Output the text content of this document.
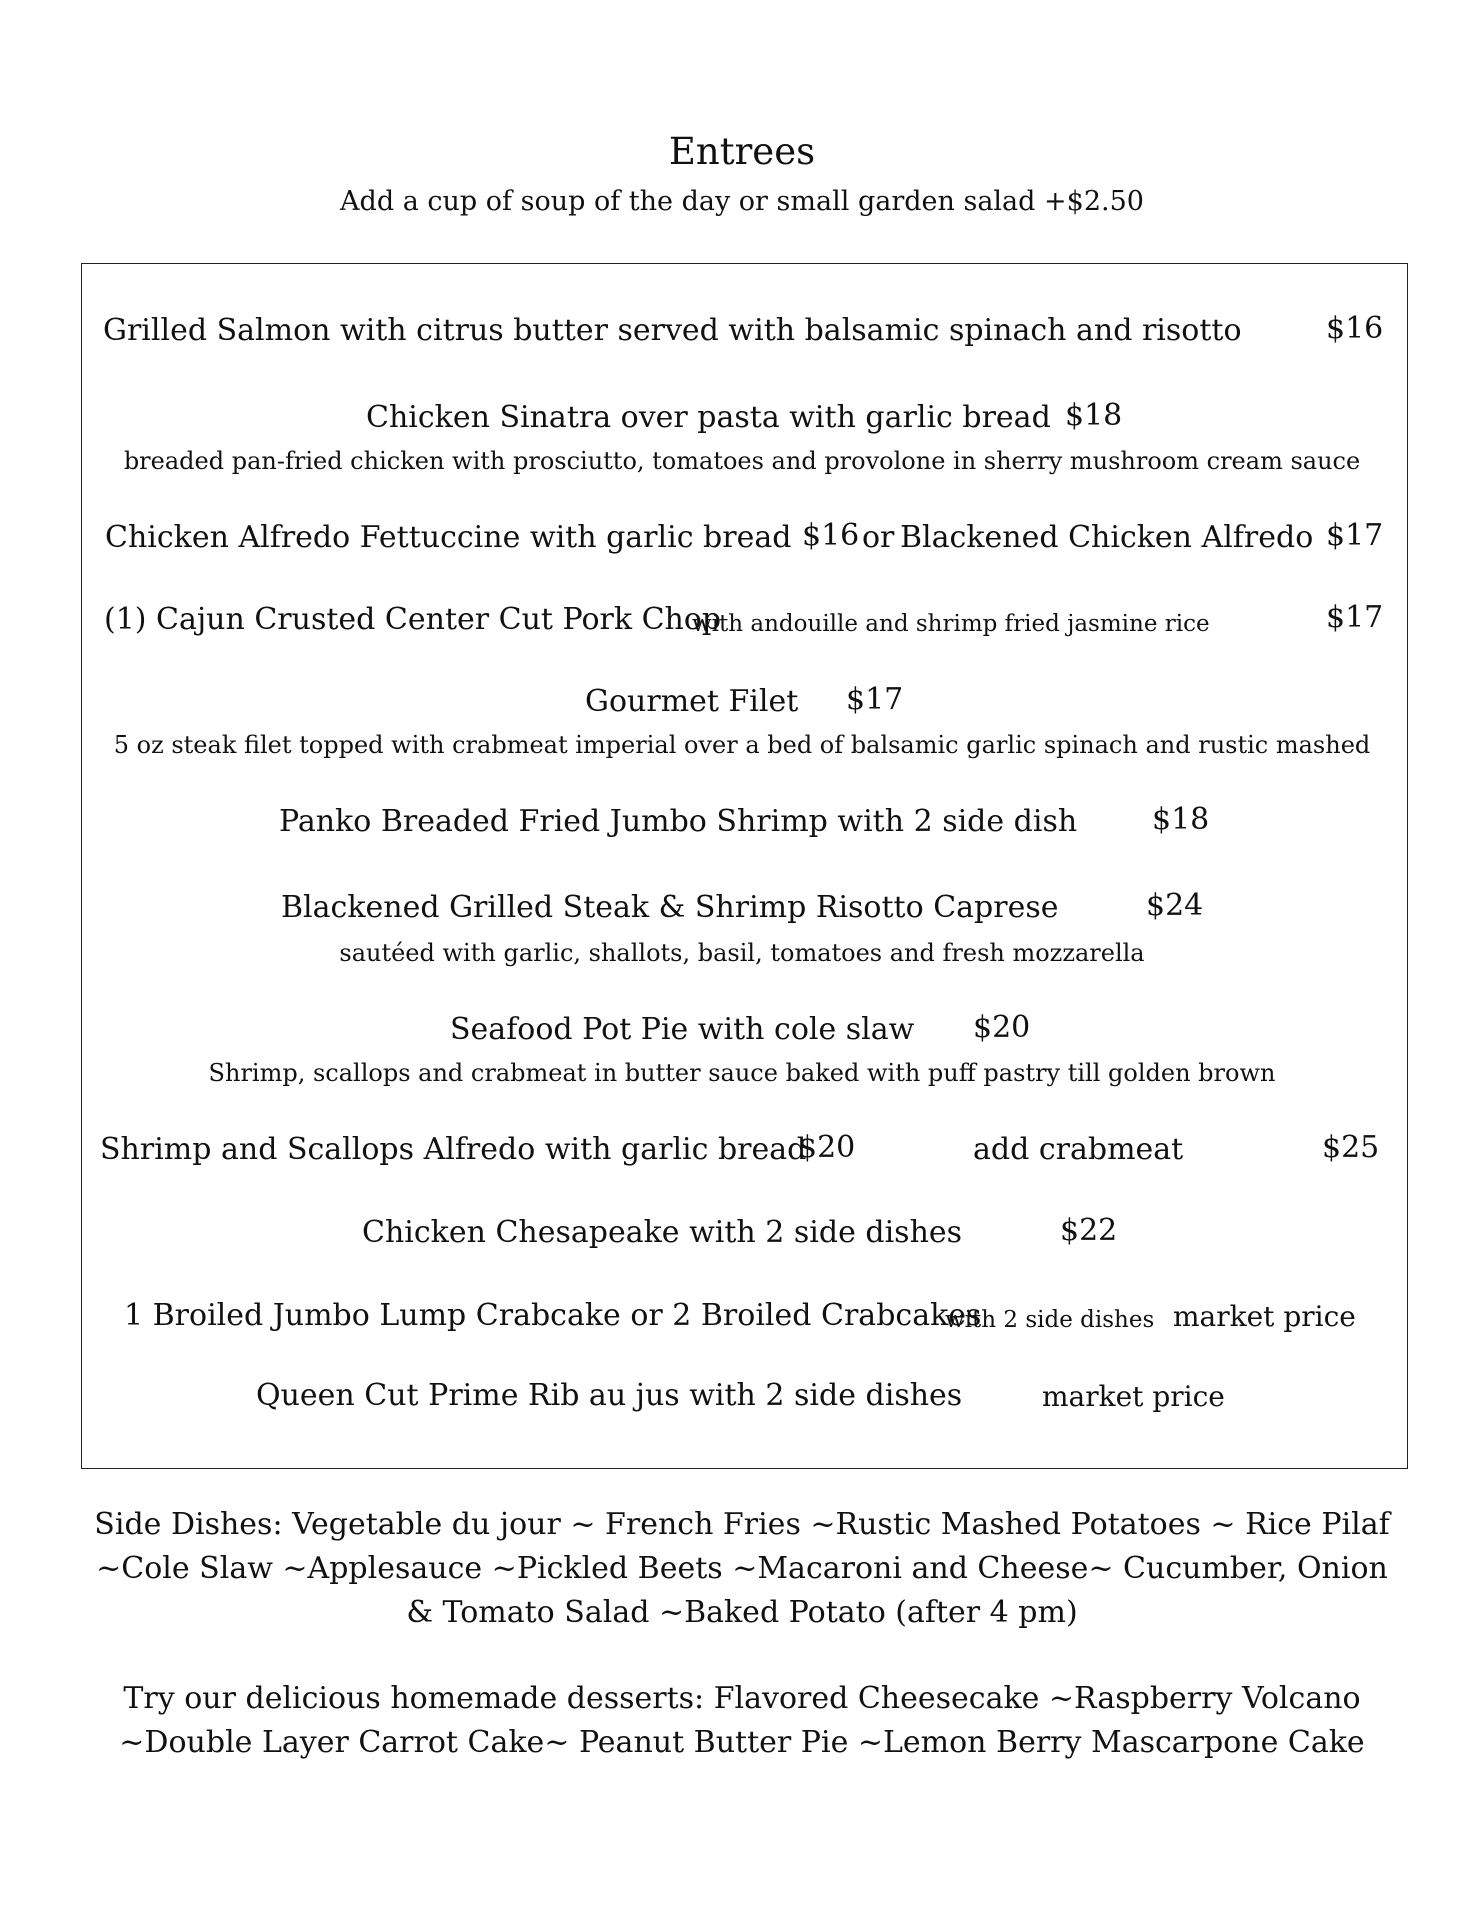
Entrees
Add a cup of soup of the day or small garden salad +$2.50
Grilled Salmon with citrus butter served with balsamic spinach and risotto	$16
Chicken Sinatra over pasta with garlic bread $18
breaded pan-fried chicken with prosciutto, tomatoes and provolone in sherry mushroom cream sauce
Chicken Alfredo Fettuccine with garlic bread $16 or Blackened Chicken Alfredo $17
(1) Cajun Crusted Center Cut Pork Chop
with andouille and shrimp fried jasmine rice	$17
Gourmet Filet $17
5 oz steak filet topped with crabmeat imperial over a bed of balsamic garlic spinach and rustic mashed
Panko Breaded Fried Jumbo Shrimp with 2 side dish $18
Blackened Grilled Steak & Shrimp Risotto Caprese	$24
sautéed with garlic, shallots, basil, tomatoes and fresh mozzarella
Seafood Pot Pie with cole slaw $20
Shrimp, scallops and crabmeat in butter sauce baked with puff pastry till golden brown
Shrimp and Scallops Alfredo with garlic bread
$20	add crabmeat	$25
Chicken Chesapeake with 2 side dishes	$22
1 Broiled Jumbo Lump Crabcake or 2 Broiled Crabcakes
with 2 side dishes market price
Queen Cut Prime Rib au jus with 2 side dishes	market price
Side Dishes: Vegetable du jour ~ French Fries ~Rustic Mashed Potatoes ~ Rice Pilaf ~Cole Slaw ~Applesauce ~Pickled Beets ~Macaroni and Cheese~ Cucumber, Onion & Tomato Salad ~Baked Potato (after 4 pm)
Try our delicious homemade desserts: Flavored Cheesecake ~Raspberry Volcano ~Double Layer Carrot Cake~ Peanut Butter Pie ~Lemon Berry Mascarpone Cake
